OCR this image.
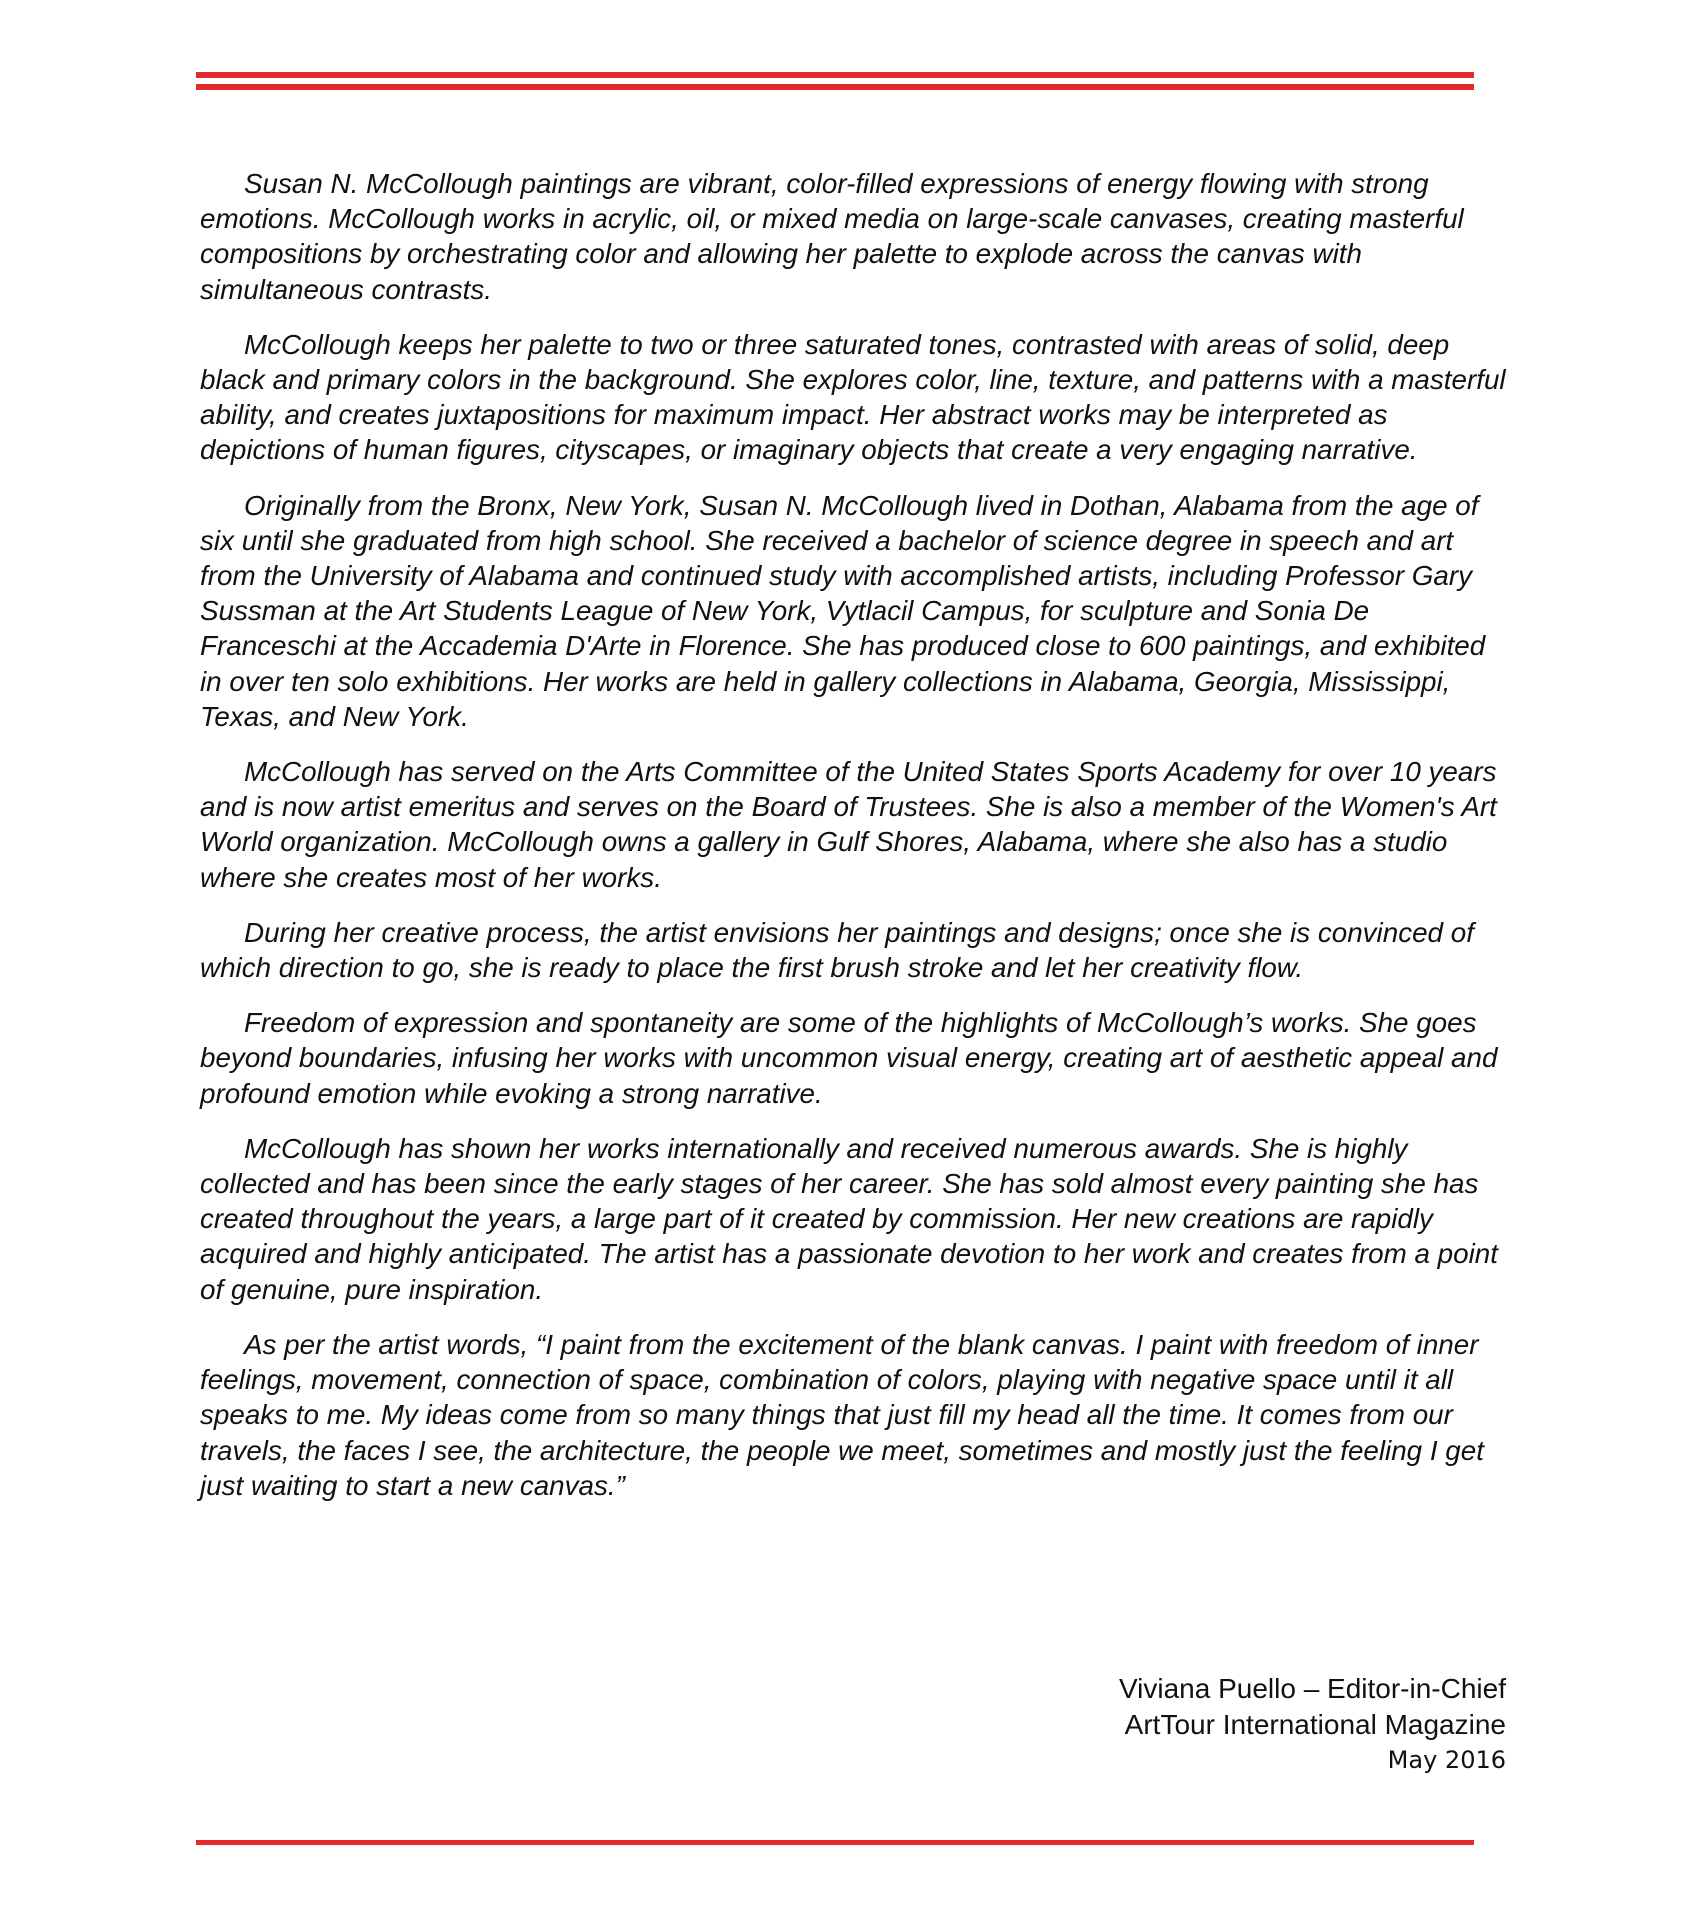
Susan N. McCollough paintings are vibrant, color-filled expressions of energy flowing with strong emotions. McCollough works in acrylic, oil, or mixed media on large-scale canvases, creating masterful compositions by orchestrating color and allowing her palette to explode across the canvas with simultaneous contrasts.

McCollough keeps her palette to two or three saturated tones, contrasted with areas of solid, deep black and primary colors in the background. She explores color, line, texture, and patterns with a masterful ability, and creates juxtapositions for maximum impact. Her abstract works may be interpreted as depictions of human figures, cityscapes, or imaginary objects that create a very engaging narrative.

Originally from the Bronx, New York, Susan N. McCollough lived in Dothan, Alabama from the age of six until she graduated from high school. She received a bachelor of science degree in speech and art from the University of Alabama and continued study with accomplished artists, including Professor Gary Sussman at the Art Students League of New York, Vytlacil Campus, for sculpture and Sonia De Franceschi at the Accademia D'Arte in Florence. She has produced close to 600 paintings, and exhibited in over ten solo exhibitions. Her works are held in gallery collections in Alabama, Georgia, Mississippi, Texas, and New York.

McCollough has served on the Arts Committee of the United States Sports Academy for over 10 years and is now artist emeritus and serves on the Board of Trustees. She is also a member of the Women's Art World organization. McCollough owns a gallery in Gulf Shores, Alabama, where she also has a studio where she creates most of her works.

During her creative process, the artist envisions her paintings and designs; once she is convinced of which direction to go, she is ready to place the first brush stroke and let her creativity flow.

Freedom of expression and spontaneity are some of the highlights of McCollough’s works. She goes beyond boundaries, infusing her works with uncommon visual energy, creating art of aesthetic appeal and profound emotion while evoking a strong narrative.

McCollough has shown her works internationally and received numerous awards. She is highly collected and has been since the early stages of her career. She has sold almost every painting she has created throughout the years, a large part of it created by commission. Her new creations are rapidly acquired and highly anticipated. The artist has a passionate devotion to her work and creates from a point of genuine, pure inspiration.

As per the artist words, “I paint from the excitement of the blank canvas. I paint with freedom of inner feelings, movement, connection of space, combination of colors, playing with negative space until it all speaks to me. My ideas come from so many things that just fill my head all the time. It comes from our travels, the faces I see, the architecture, the people we meet, sometimes and mostly just the feeling I get just waiting to start a new canvas.”

Viviana Puello – Editor-in-Chief
ArtTour International Magazine
May 2016
